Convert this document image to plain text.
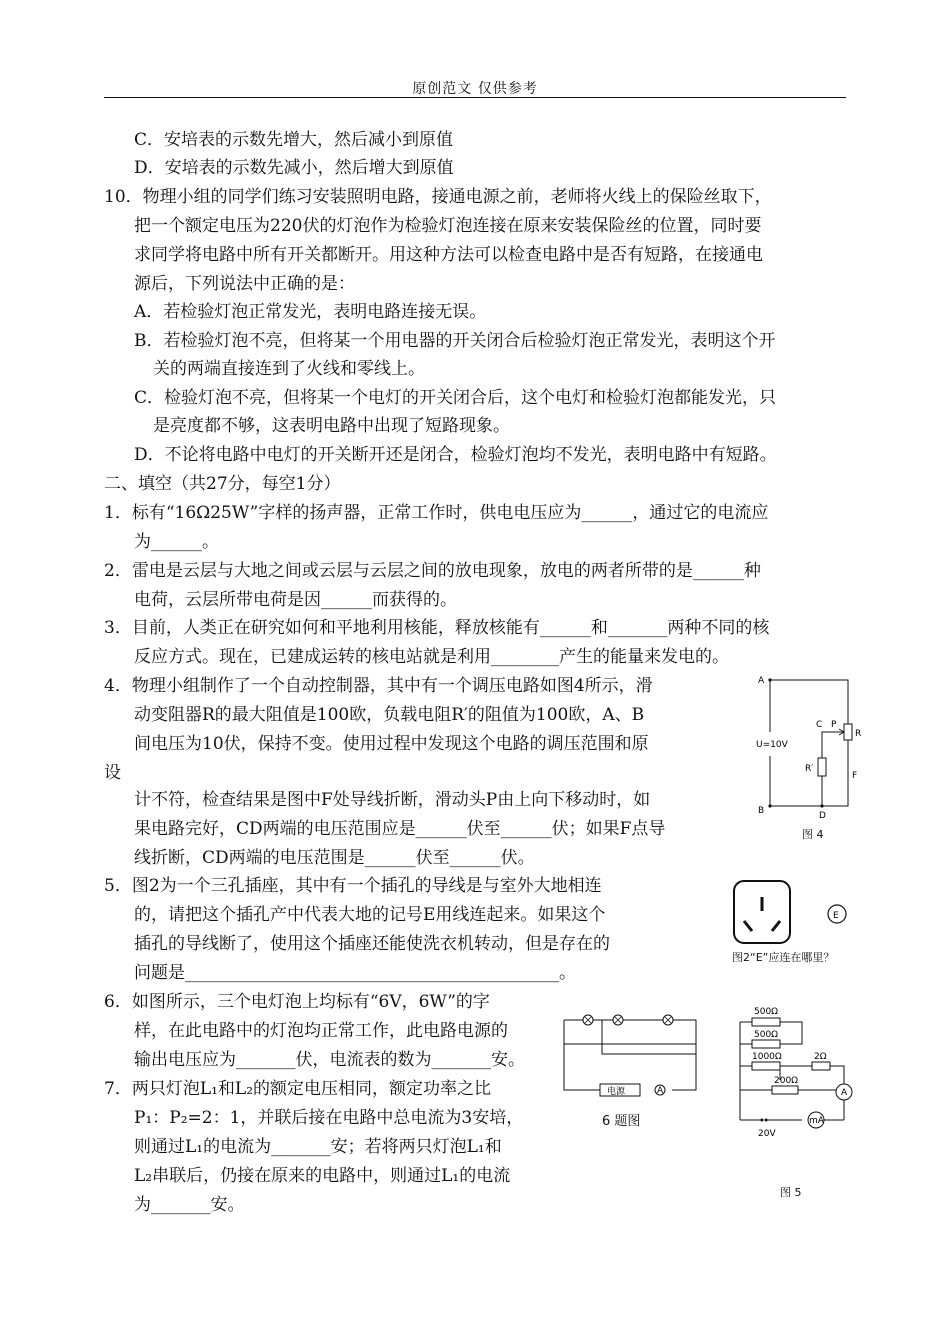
原创范文 仅供参考
C．安培表的示数先增大，然后减小到原值
D．安培表的示数先减小，然后增大到原值
10．物理小组的同学们练习安装照明电路，接通电源之前，老师将火线上的保险丝取下，
把一个额定电压为220伏的灯泡作为检验灯泡连接在原来安装保险丝的位置，同时要
求同学将电路中所有开关都断开。用这种方法可以检查电路中是否有短路，在接通电
源后，下列说法中正确的是：
A．若检验灯泡正常发光，表明电路连接无误。
B．若检验灯泡不亮，但将某一个用电器的开关闭合后检验灯泡正常发光，表明这个开
关的两端直接连到了火线和零线上。
C．检验灯泡不亮，但将某一个电灯的开关闭合后，这个电灯和检验灯泡都能发光，只
是亮度都不够，这表明电路中出现了短路现象。
D．不论将电路中电灯的开关断开还是闭合，检验灯泡均不发光，表明电路中有短路。
二、填空（共27分，每空1分）
1．标有“16Ω25W”字样的扬声器，正常工作时，供电电压应为______，通过它的电流应
为______。
2．雷电是云层与大地之间或云层与云层之间的放电现象，放电的两者所带的是______种
电荷，云层所带电荷是因______而获得的。
3．目前，人类正在研究如何和平地利用核能，释放核能有______和_______两种不同的核
反应方式。现在，已建成运转的核电站就是利用________产生的能量来发电的。
4．物理小组制作了一个自动控制器，其中有一个调压电路如图4所示，滑
动变阻器R的最大阻值是100欧，负载电阻R′的阻值为100欧，A、B
间电压为10伏，保持不变。使用过程中发现这个电路的调压范围和原
设
计不符，检查结果是图中F处导线折断，滑动头P由上向下移动时，如
果电路完好，CD两端的电压范围应是______伏至______伏；如果F点导
线折断，CD两端的电压范围是______伏至______伏。
5．图2为一个三孔插座，其中有一个插孔的导线是与室外大地相连
的，请把这个插孔产中代表大地的记号E用线连起来。如果这个
插孔的导线断了，使用这个插座还能使洗衣机转动，但是存在的
问题是____________________________________________。
6．如图所示，三个电灯泡上均标有“6V，6W”的字
样，在此电路中的灯泡均正常工作，此电路电源的
输出电压应为_______伏，电流表的数为_______安。
7．两只灯泡L₁和L₂的额定电压相同，额定功率之比
P₁：P₂=2：1，并联后接在电路中总电流为3安培，
则通过L₁的电流为_______安；若将两只灯泡L₁和
L₂串联后，仍接在原来的电路中，则通过L₁的电流
为_______安。
A
B
U=10V
C P
R
R′
F
D
图 4
E
图2“E”应连在哪里？
电源	A
6 题图
500Ω
500Ω
1000Ω	2Ω
200Ω
A
mA
20V
图 5
